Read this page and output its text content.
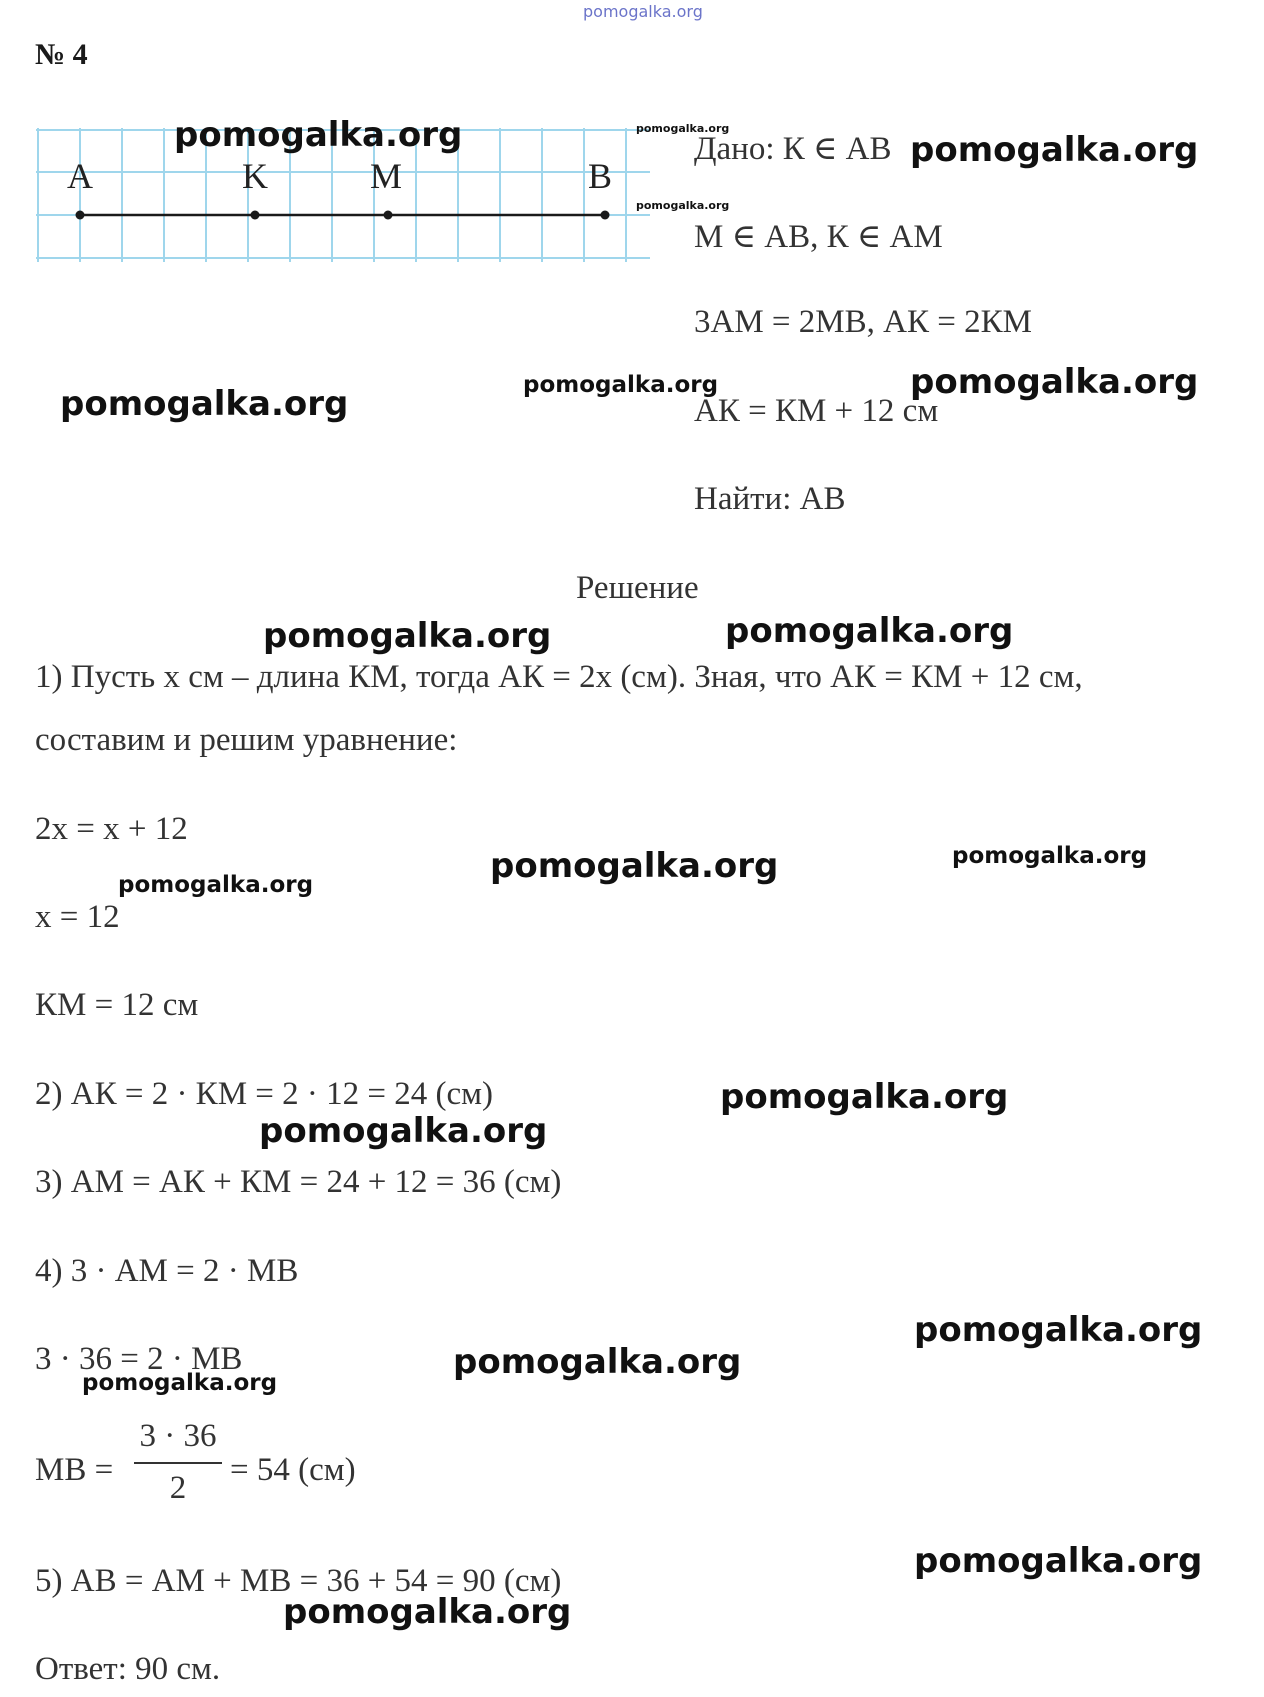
pomogalka.org
№ 4
A	K	M	B
Дано: К ∈ АВ
М ∈ АВ, К ∈ АМ
3АМ = 2МВ, АК = 2КМ
АК = КМ + 12 см
Найти: АВ
Решение
1) Пусть x см – длина КМ, тогда АК = 2x (см). Зная, что АК = КМ + 12 см,
составим и решим уравнение:
2x = x + 12
x = 12
КМ = 12 см
2) АК = 2 · КМ = 2 · 12 = 24 (см)
3) АМ = АК + КМ = 24 + 12 = 36 (см)
4) 3 · АМ = 2 · МВ
3 · 36 = 2 · МВ
МВ =
3 · 36
2	= 54 (см)
5) АВ = АМ + МВ = 36 + 54 = 90 (см)
Ответ: 90 см.
pomogalka.org	pomogalka.org
pomogalka.org
pomogalka.org
pomogalka.org	pomogalka.org	pomogalka.org
pomogalka.org	pomogalka.org
pomogalka.org	pomogalka.org
pomogalka.org
pomogalka.org
pomogalka.org
pomogalka.org
pomogalka.org
pomogalka.org
pomogalka.org
pomogalka.org
